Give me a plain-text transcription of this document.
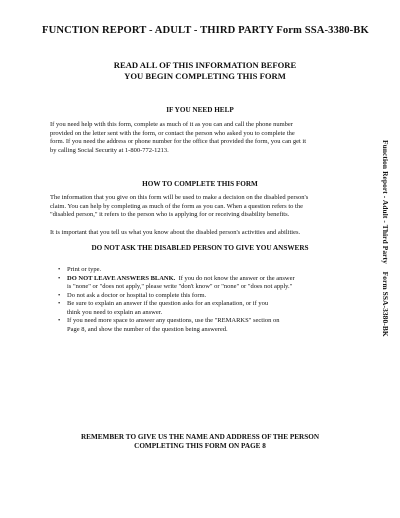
FUNCTION REPORT - ADULT - THIRD PARTY Form SSA-3380-BK
READ ALL OF THIS INFORMATION BEFORE
YOU BEGIN COMPLETING THIS FORM
IF YOU NEED HELP
If you need help with this form, complete as much of it as you can and call the phone number
provided on the letter sent with the form, or contact the person who asked you to complete the
form. If you need the address or phone number for the office that provided the form, you can get it
by calling Social Security at 1-800-772-1213.
HOW TO COMPLETE THIS FORM
The information that you give on this form will be used to make a decision on the disabled person's
claim. You can help by completing as much of the form as you can. When a question refers to the
"disabled person," it refers to the person who is applying for or receiving disability benefits.
It is important that you tell us what you know about the disabled person's activities and abilities.
DO NOT ASK THE DISABLED PERSON TO GIVE YOU ANSWERS
• Print or type.
• DO NOT LEAVE ANSWERS BLANK.  If you do not know the answer or the answer
is "none" or "does not apply," please write "don't know" or "none" or "does not apply."
• Do not ask a doctor or hospital to complete this form.
• Be sure to explain an answer if the question asks for an explanation, or if you
think you need to explain an answer.
• If you need more space to answer any questions, use the "REMARKS" section on
Page 8, and show the number of the question being answered.
REMEMBER TO GIVE US THE NAME AND ADDRESS OF THE PERSON
COMPLETING THIS FORM ON PAGE 8
Function Report - Adult - Third Party    Form SSA-3380-BK
